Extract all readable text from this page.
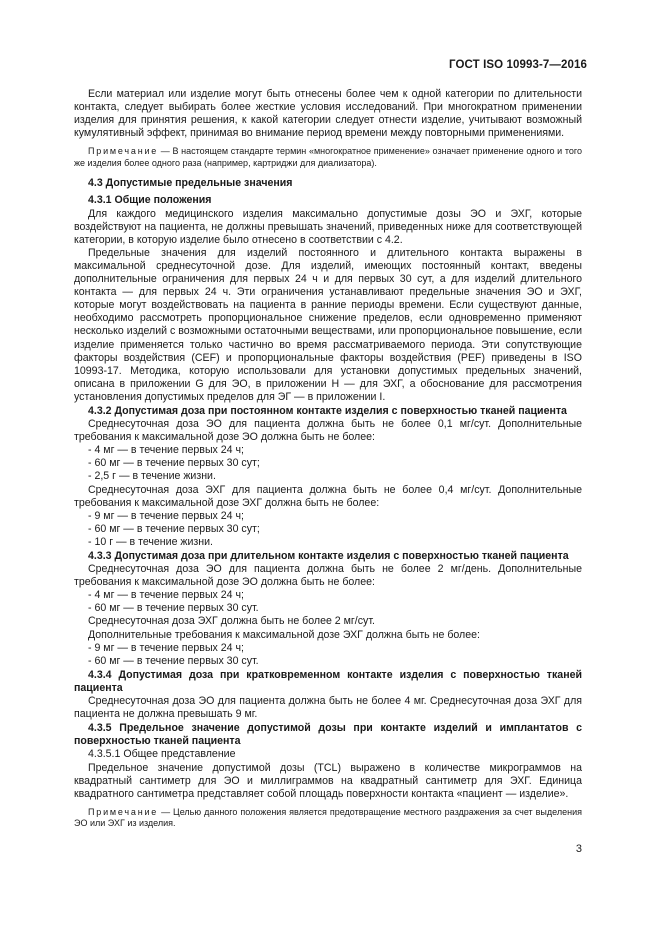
ГОСТ ISO 10993-7—2016

Если материал или изделие могут быть отнесены более чем к одной категории по длительности контакта, следует выбирать более жесткие условия исследований. При многократном применении изделия для принятия решения, к какой категории следует отнести изделие, учитывают возможный кумулятивный эффект, принимая во внимание период времени между повторными применениями.

Примечание — В настоящем стандарте термин «многократное применение» означает применение одного и того же изделия более одного раза (например, картриджи для диализатора).

4.3 Допустимые предельные значения

4.3.1 Общие положения

Для каждого медицинского изделия максимально допустимые дозы ЭО и ЭХГ, которые воздействуют на пациента, не должны превышать значений, приведенных ниже для соответствующей категории, в которую изделие было отнесено в соответствии с 4.2.

Предельные значения для изделий постоянного и длительного контакта выражены в максимальной среднесуточной дозе. Для изделий, имеющих постоянный контакт, введены дополнительные ограничения для первых 24 ч и для первых 30 сут, а для изделий длительного контакта — для первых 24 ч. Эти ограничения устанавливают предельные значения ЭО и ЭХГ, которые могут воздействовать на пациента в ранние периоды времени. Если существуют данные, необходимо рассмотреть пропорциональное снижение пределов, если одновременно применяют несколько изделий с возможными остаточными веществами, или пропорциональное повышение, если изделие применяется только частично во время рассматриваемого периода. Эти сопутствующие факторы воздействия (CEF) и пропорциональные факторы воздействия (PEF) приведены в ISO 10993-17. Методика, которую использовали для установки допустимых предельных значений, описана в приложении G для ЭО, в приложении H — для ЭХГ, а обоснование для рассмотрения установления допустимых пределов для ЭГ — в приложении I.

4.3.2 Допустимая доза при постоянном контакте изделия с поверхностью тканей пациента

Среднесуточная доза ЭО для пациента должна быть не более 0,1 мг/сут. Дополнительные требования к максимальной дозе ЭО должна быть не более:

- 4 мг — в течение первых 24 ч;

- 60 мг — в течение первых 30 сут;

- 2,5 г — в течение жизни.

Среднесуточная доза ЭХГ для пациента должна быть не более 0,4 мг/сут. Дополнительные требования к максимальной дозе ЭХГ должна быть не более:

- 9 мг — в течение первых 24 ч;

- 60 мг — в течение первых 30 сут;

- 10 г — в течение жизни.

4.3.3 Допустимая доза при длительном контакте изделия с поверхностью тканей пациента

Среднесуточная доза ЭО для пациента должна быть не более 2 мг/день. Дополнительные требования к максимальной дозе ЭО должна быть не более:

- 4 мг — в течение первых 24 ч;

- 60 мг — в течение первых 30 сут.

Среднесуточная доза ЭХГ должна быть не более 2 мг/сут.

Дополнительные требования к максимальной дозе ЭХГ должна быть не более:

- 9 мг — в течение первых 24 ч;

- 60 мг — в течение первых 30 сут.

4.3.4 Допустимая доза при кратковременном контакте изделия с поверхностью тканей пациента

Среднесуточная доза ЭО для пациента должна быть не более 4 мг. Среднесуточная доза ЭХГ для пациента не должна превышать 9 мг.

4.3.5 Предельное значение допустимой дозы при контакте изделий и имплантатов с поверхностью тканей пациента

4.3.5.1 Общее представление

Предельное значение допустимой дозы (TCL) выражено в количестве микрограммов на квадратный сантиметр для ЭО и миллиграммов на квадратный сантиметр для ЭХГ. Единица квадратного сантиметра представляет собой площадь поверхности контакта «пациент — изделие».

Примечание — Целью данного положения является предотвращение местного раздражения за счет выделения ЭО или ЭХГ из изделия.

3
